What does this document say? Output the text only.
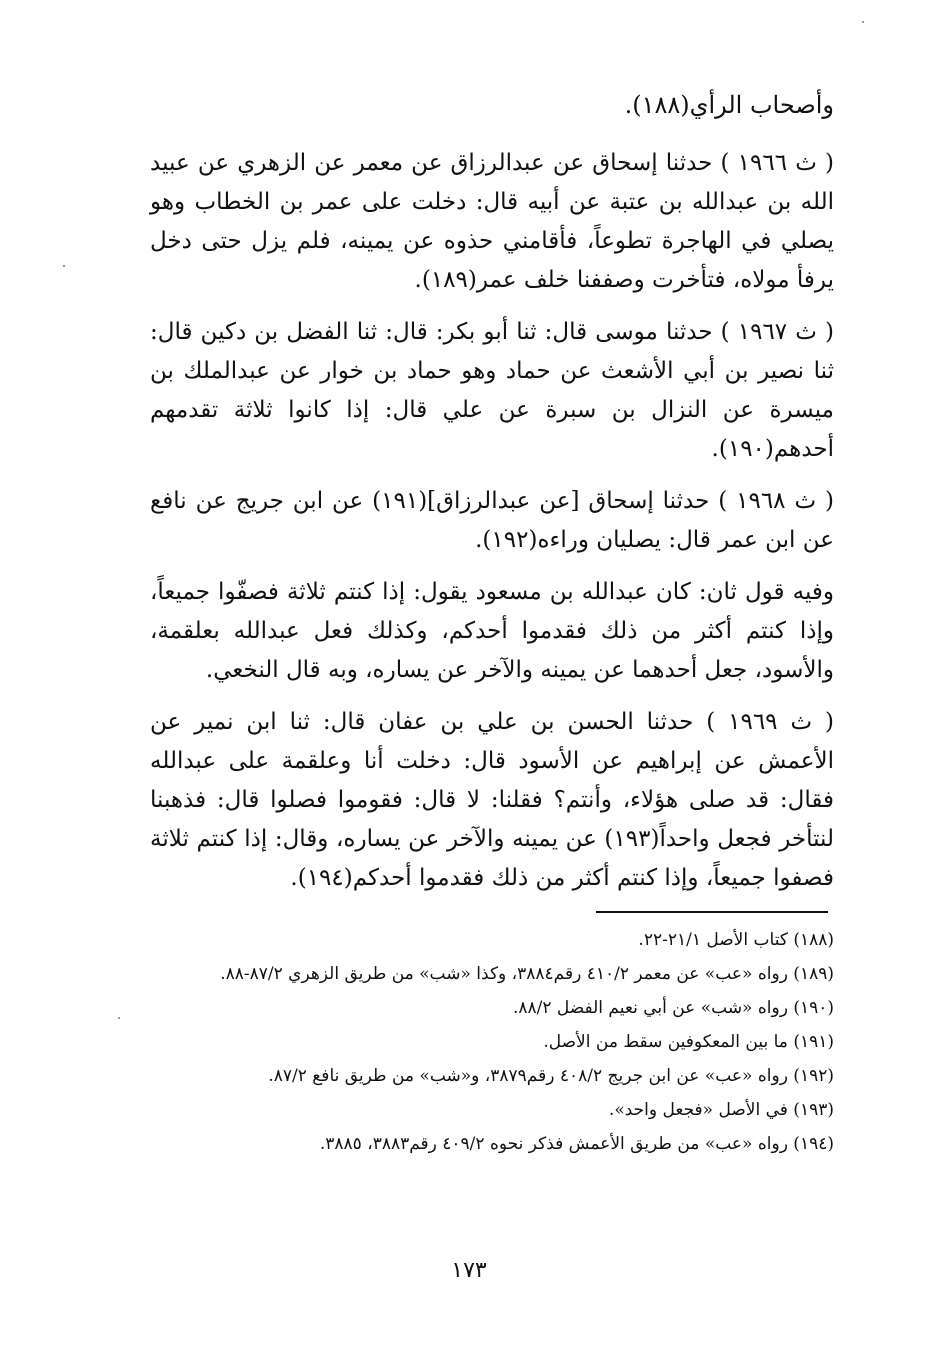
وأصحاب الرأي(١٨٨).

( ث ١٩٦٦ ) حدثنا إسحاق عن عبدالرزاق عن معمر عن الزهري عن عبيد الله بن عبدالله بن عتبة عن أبيه قال: دخلت على عمر بن الخطاب وهو يصلي في الهاجرة تطوعاً، فأقامني حذوه عن يمينه، فلم يزل حتى دخل يرفأ مولاه، فتأخرت وصففنا خلف عمر(١٨٩).

( ث ١٩٦٧ ) حدثنا موسى قال: ثنا أبو بكر: قال: ثنا الفضل بن دكين قال: ثنا نصير بن أبي الأشعث عن حماد وهو حماد بن خوار عن عبدالملك بن ميسرة عن النزال بن سبرة عن علي قال: إذا كانوا ثلاثة تقدمهم أحدهم(١٩٠).

( ث ١٩٦٨ ) حدثنا إسحاق [عن عبدالرزاق](١٩١) عن ابن جريج عن نافع عن ابن عمر قال: يصليان وراءه(١٩٢).

وفيه قول ثان: كان عبدالله بن مسعود يقول: إذا كنتم ثلاثة فصفّوا جميعاً، وإذا كنتم أكثر من ذلك فقدموا أحدكم، وكذلك فعل عبدالله بعلقمة، والأسود، جعل أحدهما عن يمينه والآخر عن يساره، وبه قال النخعي.

( ث ١٩٦٩ ) حدثنا الحسن بن علي بن عفان قال: ثنا ابن نمير عن الأعمش عن إبراهيم عن الأسود قال: دخلت أنا وعلقمة على عبدالله فقال: قد صلى هؤلاء، وأنتم؟ فقلنا: لا قال: فقوموا فصلوا قال: فذهبنا لنتأخر فجعل واحداً(١٩٣) عن يمينه والآخر عن يساره، وقال: إذا كنتم ثلاثة فصفوا جميعاً، وإذا كنتم أكثر من ذلك فقدموا أحدكم(١٩٤).

(١٨٨) كتاب الأصل ٢١/١-٢٢.

(١٨٩) رواه «عب» عن معمر ٤١٠/٢ رقم٣٨٨٤، وكذا «شب» من طريق الزهري ٨٧/٢-٨٨.

(١٩٠) رواه «شب» عن أبي نعيم الفضل ٨٨/٢.

(١٩١) ما بين المعكوفين سقط من الأصل.

(١٩٢) رواه «عب» عن ابن جريج ٤٠٨/٢ رقم٣٨٧٩، و«شب» من طريق نافع ٨٧/٢.

(١٩٣) في الأصل «فجعل واحد».

(١٩٤) رواه «عب» من طريق الأعمش فذكر نحوه ٤٠٩/٢ رقم٣٨٨٣، ٣٨٨٥.

١٧٣
